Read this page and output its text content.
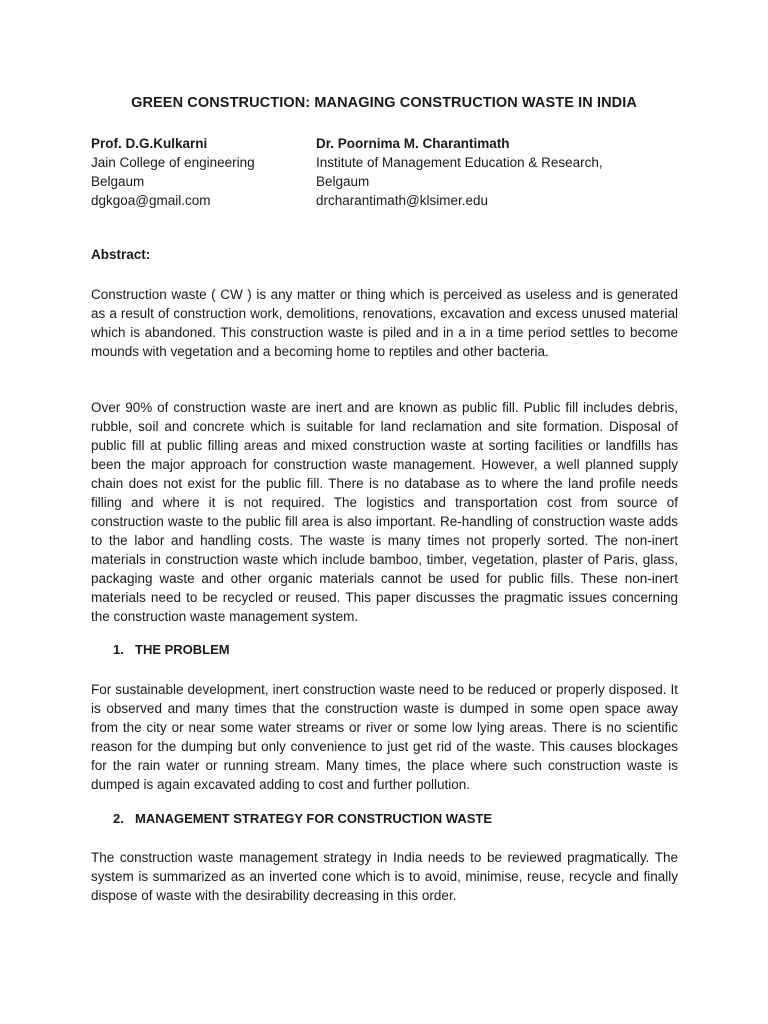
GREEN CONSTRUCTION: MANAGING CONSTRUCTION WASTE IN INDIA
Prof. D.G.Kulkarni
Jain College of engineering
Belgaum
dgkgoa@gmail.com
Dr. Poornima M. Charantimath
Institute of Management Education & Research,
Belgaum
drcharantimath@klsimer.edu
Abstract:

Construction waste ( CW ) is any matter or thing which is perceived as useless and is generated as a result of construction work, demolitions, renovations, excavation and excess unused material which is abandoned. This construction waste is piled and in a in a time period settles to become mounds with vegetation and a becoming home to reptiles and other bacteria.

Over 90% of construction waste are inert and are known as public fill. Public fill includes debris, rubble, soil and concrete which is suitable for land reclamation and site formation. Disposal of public fill at public filling areas and mixed construction waste at sorting facilities or landfills has been the major approach for construction waste management. However, a well planned supply chain does not exist for the public fill. There is no database as to where the land profile needs filling and where it is not required. The logistics and transportation cost from source of construction waste to the public fill area is also important. Re-handling of construction waste adds to the labor and handling costs. The waste is many times not properly sorted. The non-inert materials in construction waste which include bamboo, timber, vegetation, plaster of Paris, glass, packaging waste and other organic materials cannot be used for public fills. These non-inert materials need to be recycled or reused. This paper discusses the pragmatic issues concerning the construction waste management system.

1. THE PROBLEM

For sustainable development, inert construction waste need to be reduced or properly disposed. It is observed and many times that the construction waste is dumped in some open space away from the city or near some water streams or river or some low lying areas. There is no scientific reason for the dumping but only convenience to just get rid of the waste. This causes blockages for the rain water or running stream. Many times, the place where such construction waste is dumped is again excavated adding to cost and further pollution.

2. MANAGEMENT STRATEGY FOR CONSTRUCTION WASTE

The construction waste management strategy in India needs to be reviewed pragmatically. The system is summarized as an inverted cone which is to avoid, minimise, reuse, recycle and finally dispose of waste with the desirability decreasing in this order.
